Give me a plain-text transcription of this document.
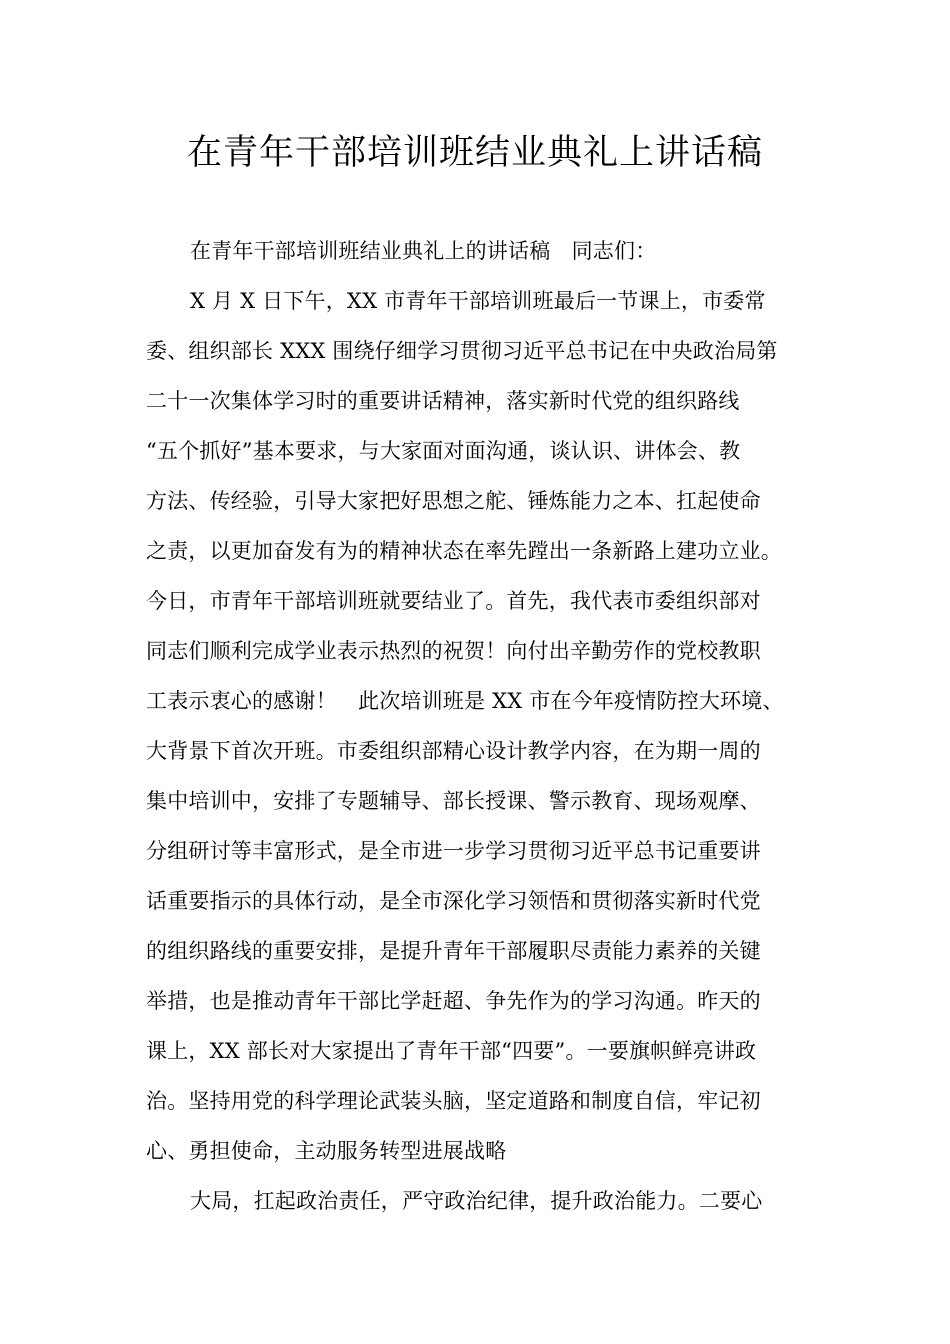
在青年干部培训班结业典礼上讲话稿
在青年干部培训班结业典礼上的讲话稿　同志们：
X 月 X 日下午，XX 市青年干部培训班最后一节课上，市委常
委、组织部长 XXX 围绕仔细学习贯彻习近平总书记在中央政治局第
二十一次集体学习时的重要讲话精神，落实新时代党的组织路线
“五个抓好”基本要求，与大家面对面沟通，谈认识、讲体会、教
方法、传经验，引导大家把好思想之舵、锤炼能力之本、扛起使命
之责，以更加奋发有为的精神状态在率先蹚出一条新路上建功立业。
今日，市青年干部培训班就要结业了。首先，我代表市委组织部对
同志们顺利完成学业表示热烈的祝贺！向付出辛勤劳作的党校教职
工表示衷心的感谢！　此次培训班是 XX 市在今年疫情防控大环境、
大背景下首次开班。市委组织部精心设计教学内容，在为期一周的
集中培训中，安排了专题辅导、部长授课、警示教育、现场观摩、
分组研讨等丰富形式，是全市进一步学习贯彻习近平总书记重要讲
话重要指示的具体行动，是全市深化学习领悟和贯彻落实新时代党
的组织路线的重要安排，是提升青年干部履职尽责能力素养的关键
举措，也是推动青年干部比学赶超、争先作为的学习沟通。昨天的
课上，XX 部长对大家提出了青年干部“四要”。一要旗帜鲜亮讲政
治。坚持用党的科学理论武装头脑，坚定道路和制度自信，牢记初
心、勇担使命，主动服务转型进展战略
大局，扛起政治责任，严守政治纪律，提升政治能力。二要心
